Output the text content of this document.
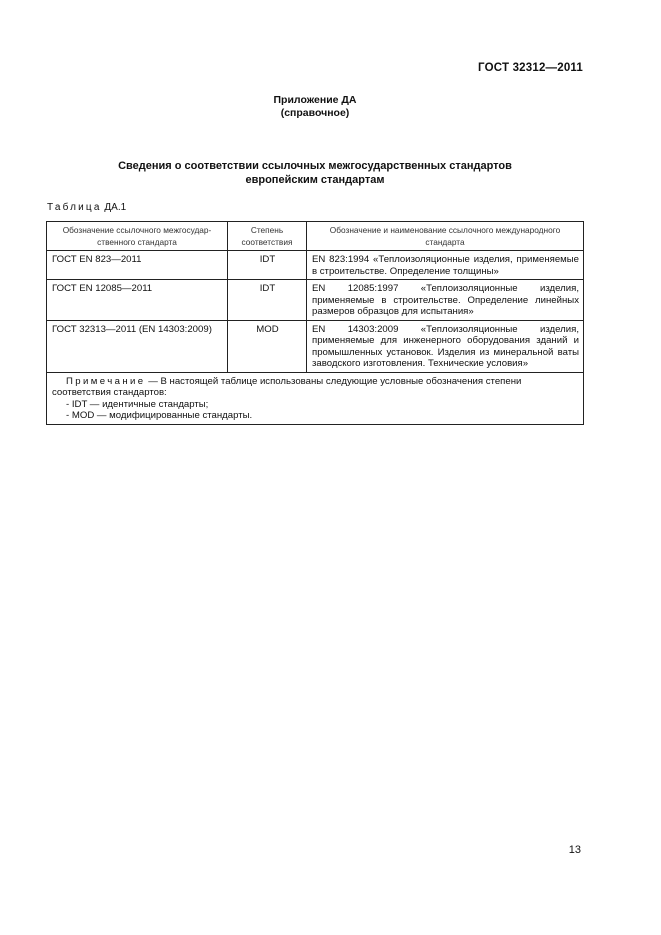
ГОСТ 32312—2011
Приложение ДА
(справочное)
Сведения о соответствии ссылочных межгосударственных стандартов
европейским стандартам
Таблица ДА.1
Обозначение ссылочного межгосудар-ственного стандарта	Степень соответствия	Обозначение и наименование ссылочного международного стандарта
ГОСТ EN 823—2011	IDT	EN 823:1994 «Теплоизоляционные изделия, применяемые в строительстве. Определение толщины»
ГОСТ EN 12085—2011	IDT	EN 12085:1997 «Теплоизоляционные изделия, применяемые в строительстве. Определение линейных размеров образцов для испытания»
ГОСТ 32313—2011 (EN 14303:2009)	MOD	EN 14303:2009 «Теплоизоляционные изделия, применяемые для инженерного оборудования зданий и промышленных установок. Изделия из минеральной ваты заводского изготовления. Технические условия»

Примечание — В настоящей таблице использованы следующие условные обозначения степени соответствия стандартов:
- IDT — идентичные стандарты;
- MOD — модифицированные стандарты.		
13
